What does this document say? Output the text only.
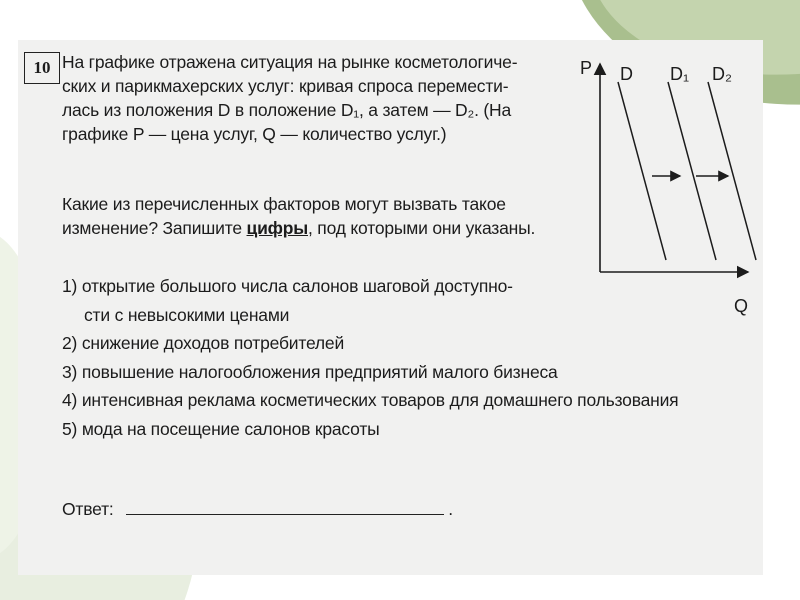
10 На графике отражена ситуация на рынке косметологиче-
ских и парикмахерских услуг: кривая спроса перемести-
лась из положения D в положение D₁, а затем — D₂. (На
графике P — цена услуг, Q — количество услуг.)
Какие из перечисленных факторов могут вызвать такое
изменение? Запишите цифры, под которыми они указаны.
1) открытие большого числа салонов шаговой доступно-
сти с невысокими ценами
2) снижение доходов потребителей
3) повышение налогообложения предприятий малого бизнеса
4) интенсивная реклама косметических товаров для домашнего пользования
5) мода на посещение салонов красоты
Ответ:	.
P
Q
D D₁ D₂
